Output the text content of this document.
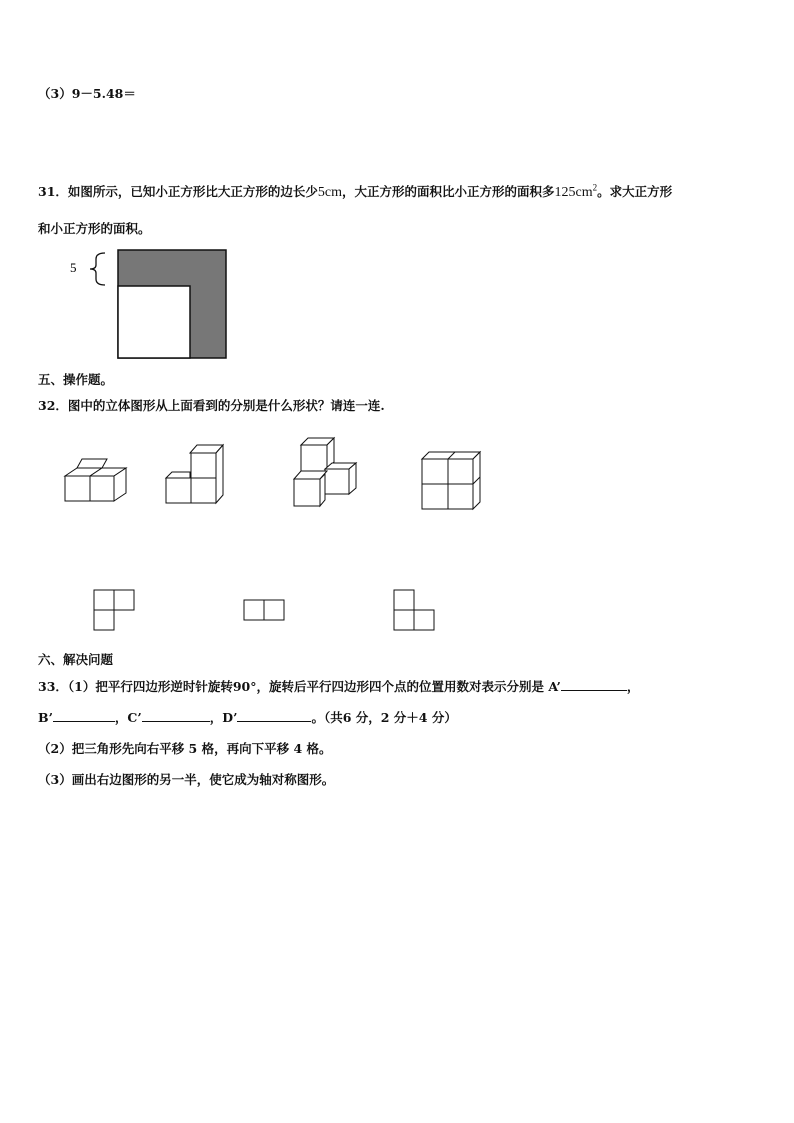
（3）9－5.48＝
31．如图所示，已知小正方形比大正方形的边长少5cm，大正方形的面积比小正方形的面积多$125cm^2$。求大正方形
和小正方形的面积。
5
五、操作题。
32．图中的立体图形从上面看到的分别是什么形状？请连一连.
六、解决问题
33．（1）把平行四边形逆时针旋转90°，旋转后平行四边形四个点的位置用数对表示分别是 A’	，
B’	，C’	，D’	。（共6 分，2 分＋4 分）
（2）把三角形先向右平移 5 格，再向下平移 4 格。
（3）画出右边图形的另一半，使它成为轴对称图形。
